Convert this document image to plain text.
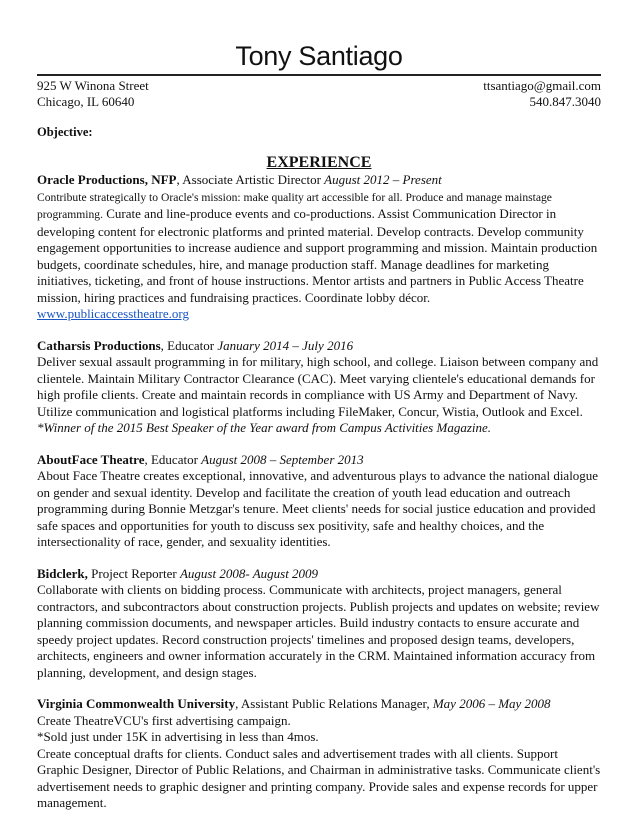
Tony Santiago
925 W Winona Street
Chicago, IL 60640
ttsantiago@gmail.com
540.847.3040
Objective:
EXPERIENCE
Oracle Productions, NFP, Associate Artistic Director August 2012 – Present

Contribute strategically to Oracle's mission: make quality art accessible for all. Produce and manage mainstage programming. Curate and line-produce events and co-productions. Assist Communication Director in developing content for electronic platforms and printed material. Develop contracts. Develop community engagement opportunities to increase audience and support programming and mission. Maintain production budgets, coordinate schedules, hire, and manage production staff. Manage deadlines for marketing initiatives, ticketing, and front of house instructions. Mentor artists and partners in Public Access Theatre mission, hiring practices and fundraising practices. Coordinate lobby décor.

www.publicaccesstheatre.org

Catharsis Productions, Educator January 2014 – July 2016

Deliver sexual assault programming in for military, high school, and college. Liaison between company and clientele. Maintain Military Contractor Clearance (CAC). Meet varying clientele's educational demands for high profile clients. Create and maintain records in compliance with US Army and Department of Navy. Utilize communication and logistical platforms including FileMaker, Concur, Wistia, Outlook and Excel. *Winner of the 2015 Best Speaker of the Year award from Campus Activities Magazine.

AboutFace Theatre, Educator August 2008 – September 2013

About Face Theatre creates exceptional, innovative, and adventurous plays to advance the national dialogue on gender and sexual identity. Develop and facilitate the creation of youth lead education and outreach programming during Bonnie Metzgar's tenure. Meet clients' needs for social justice education and provided safe spaces and opportunities for youth to discuss sex positivity, safe and healthy choices, and the intersectionality of race, gender, and sexuality identities.

Bidclerk, Project Reporter August 2008- August 2009

Collaborate with clients on bidding process. Communicate with architects, project managers, general contractors, and subcontractors about construction projects. Publish projects and updates on website; review planning commission documents, and newspaper articles. Build industry contacts to ensure accurate and speedy project updates. Record construction projects' timelines and proposed design teams, developers, architects, engineers and owner information accurately in the CRM. Maintained information accuracy from planning, development, and design stages.

Virginia Commonwealth University, Assistant Public Relations Manager, May 2006 – May 2008

Create TheatreVCU's first advertising campaign.

*Sold just under 15K in advertising in less than 4mos.

Create conceptual drafts for clients. Conduct sales and advertisement trades with all clients. Support Graphic Designer, Director of Public Relations, and Chairman in administrative tasks. Communicate client's advertisement needs to graphic designer and printing company. Provide sales and expense records for upper management.
